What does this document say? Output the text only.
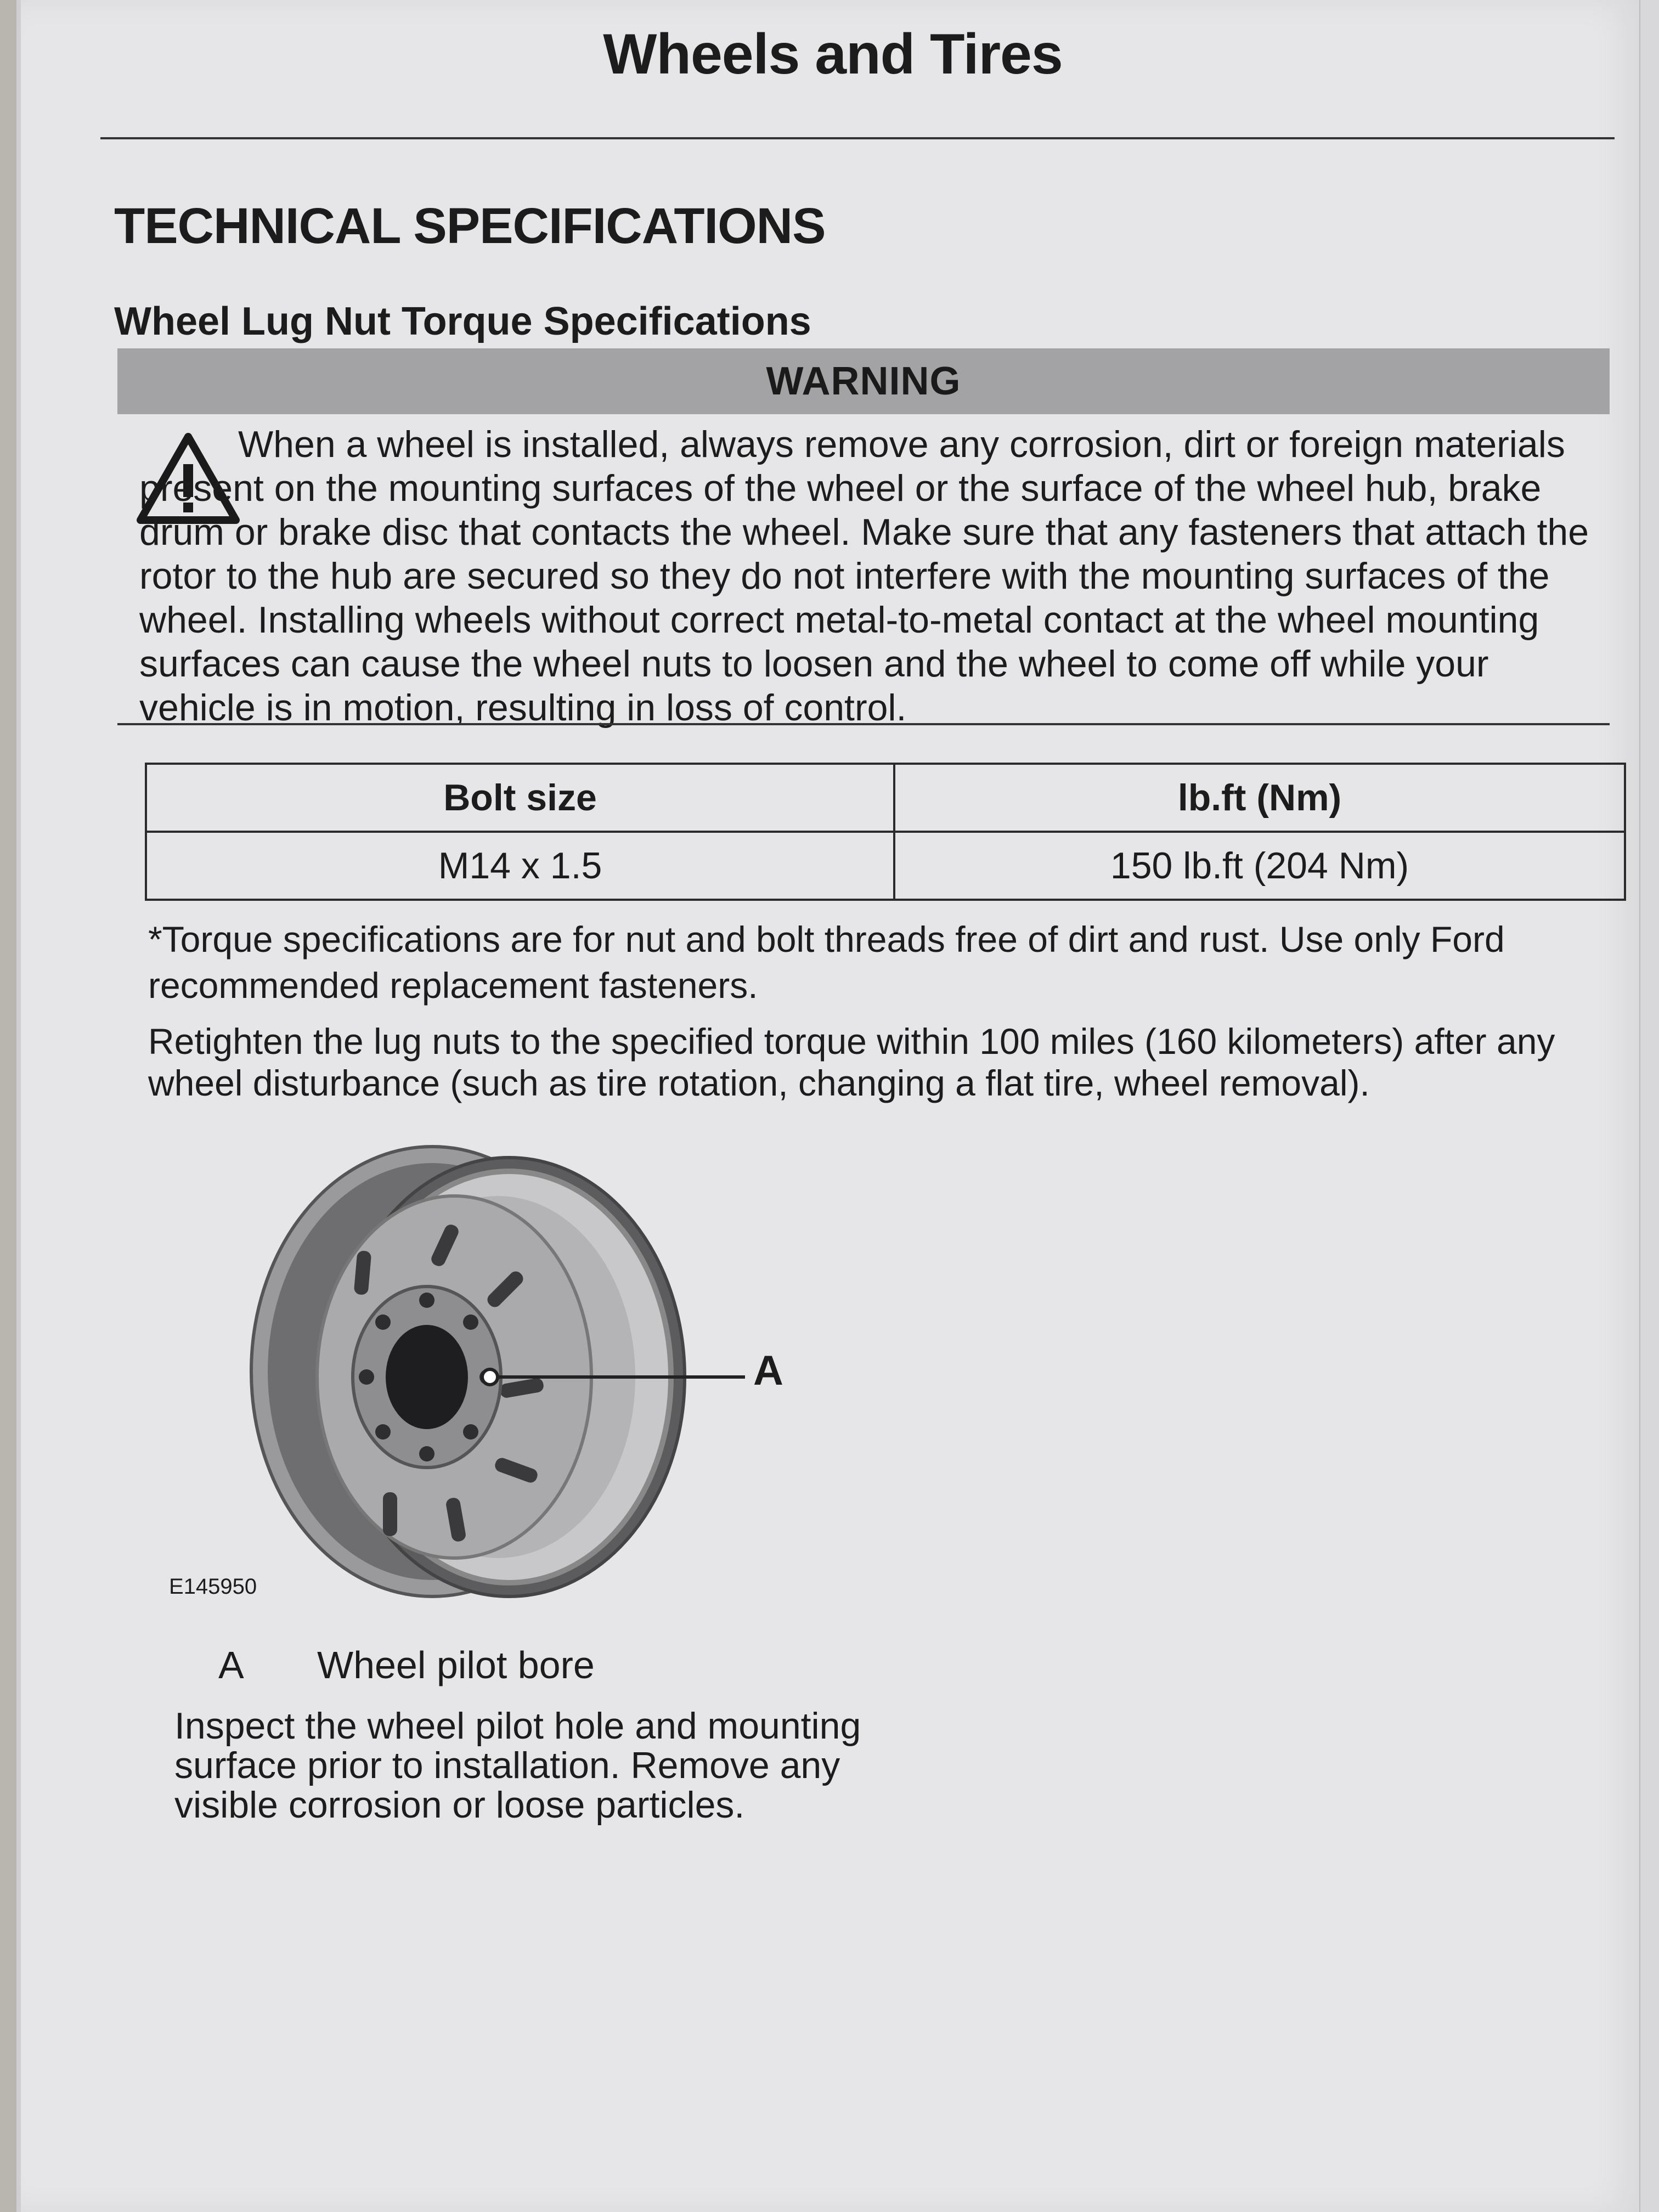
Wheels and Tires
TECHNICAL SPECIFICATIONS
Wheel Lug Nut Torque Specifications
WARNING
When a wheel is installed, always remove any corrosion, dirt or foreign materials present on the mounting surfaces of the wheel or the surface of the wheel hub, brake drum or brake disc that contacts the wheel. Make sure that any fasteners that attach the rotor to the hub are secured so they do not interfere with the mounting surfaces of the wheel. Installing wheels without correct metal-to-metal contact at the wheel mounting surfaces can cause the wheel nuts to loosen and the wheel to come off while your vehicle is in motion, resulting in loss of control.
Bolt size	lb.ft (Nm)
M14 x 1.5	150 lb.ft (204 Nm)
*Torque specifications are for nut and bolt threads free of dirt and rust. Use only Ford recommended replacement fasteners.
Retighten the lug nuts to the specified torque within 100 miles (160 kilometers) after any wheel disturbance (such as tire rotation, changing a flat tire, wheel removal).
A
E145950
A Wheel pilot bore
Inspect the wheel pilot hole and mounting surface prior to installation. Remove any visible corrosion or loose particles.
